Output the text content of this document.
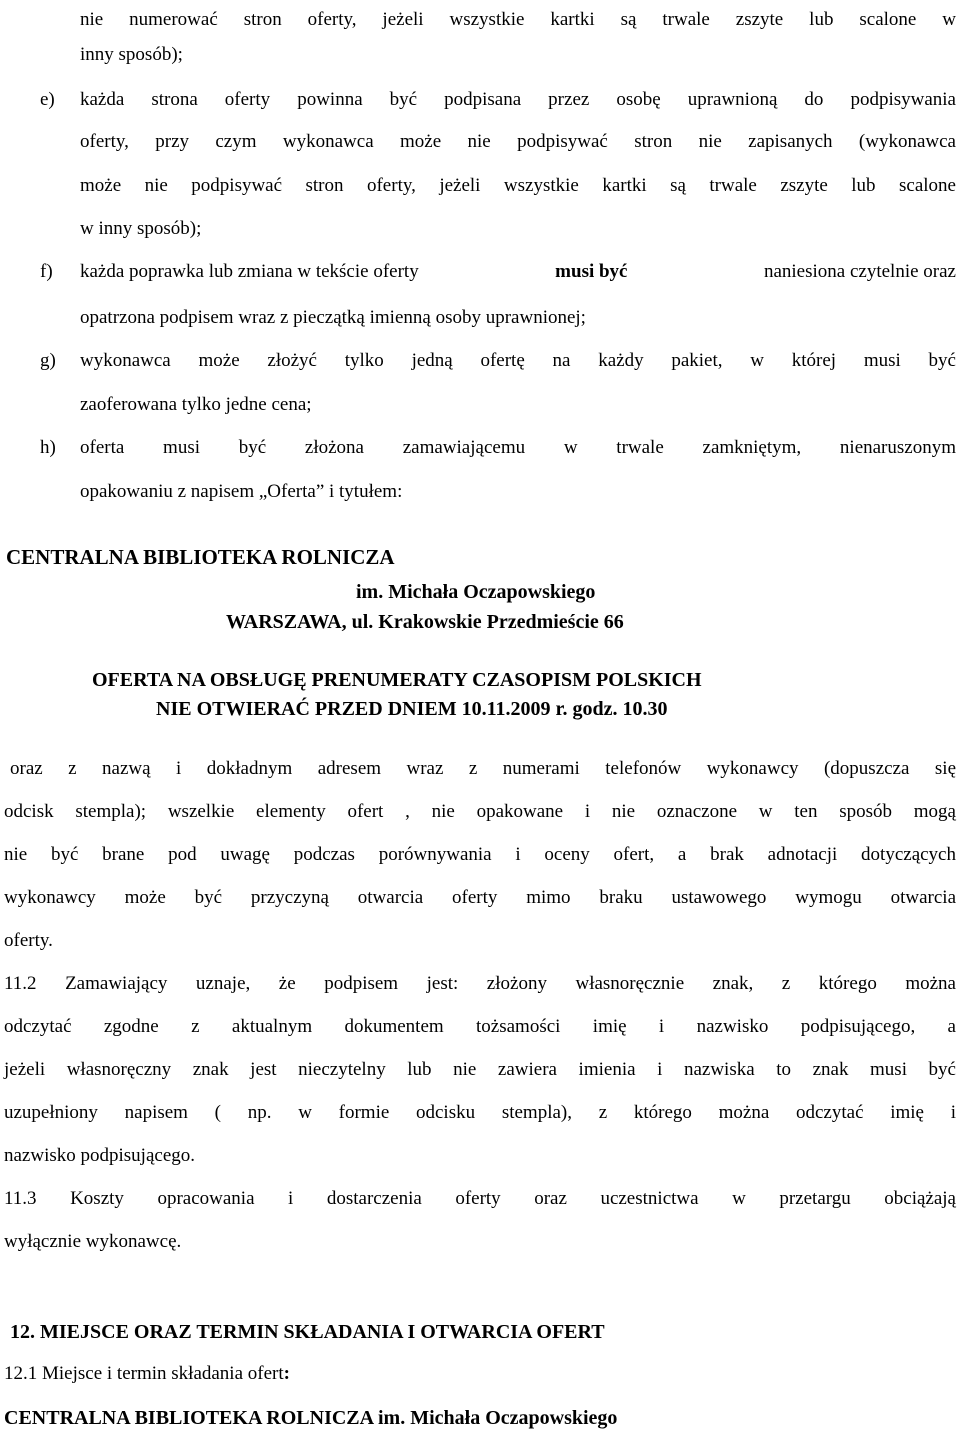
nie numerować stron oferty, jeżeli wszystkie kartki są trwale zszyte lub scalone w
inny sposób);
e) każda strona oferty powinna być podpisana przez osobę uprawnioną do podpisywania
oferty, przy czym wykonawca może nie podpisywać stron nie zapisanych (wykonawca
może nie podpisywać stron oferty, jeżeli wszystkie kartki są trwale zszyte lub scalone
w inny sposób);
f) każda poprawka lub zmiana w tekście oferty	musi być	naniesiona czytelnie oraz
opatrzona podpisem wraz z pieczątką imienną osoby uprawnionej;
g) wykonawca może złożyć tylko jedną ofertę na każdy pakiet, w której musi być
zaoferowana tylko jedne cena;
h) oferta musi być złożona zamawiającemu w trwale zamkniętym, nienaruszonym
opakowaniu z napisem „Oferta” i tytułem:
CENTRALNA BIBLIOTEKA ROLNICZA
im. Michała Oczapowskiego
WARSZAWA, ul. Krakowskie Przedmieście 66
OFERTA NA OBSŁUGĘ PRENUMERATY CZASOPISM POLSKICH
NIE OTWIERAĆ PRZED DNIEM 10.11.2009 r. godz. 10.30
oraz z nazwą i dokładnym adresem wraz z numerami telefonów wykonawcy (dopuszcza się
odcisk stempla); wszelkie elementy ofert , nie opakowane i nie oznaczone w ten sposób mogą
nie być brane pod uwagę podczas porównywania i oceny ofert, a brak adnotacji dotyczących
wykonawcy może być przyczyną otwarcia oferty mimo braku ustawowego wymogu otwarcia
oferty.
11.2 Zamawiający uznaje, że podpisem jest: złożony własnoręcznie znak, z którego można
odczytać zgodne z aktualnym dokumentem tożsamości imię i nazwisko podpisującego, a
jeżeli własnoręczny znak jest nieczytelny lub nie zawiera imienia i nazwiska to znak musi być
uzupełniony napisem ( np. w formie odcisku stempla), z którego można odczytać imię i
nazwisko podpisującego.
11.3 Koszty opracowania i dostarczenia oferty oraz uczestnictwa w przetargu obciążają
wyłącznie wykonawcę.
12. MIEJSCE ORAZ TERMIN SKŁADANIA I OTWARCIA OFERT
12.1 Miejsce i termin składania ofert:
CENTRALNA BIBLIOTEKA ROLNICZA im. Michała Oczapowskiego
